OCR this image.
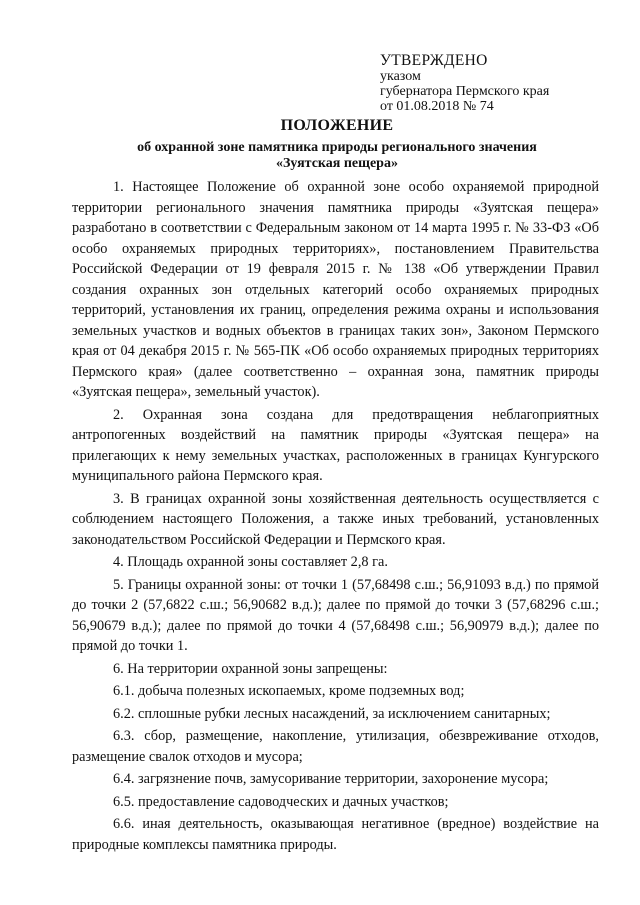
УТВЕРЖДЕНО
указом
губернатора Пермского края
от 01.08.2018 № 74
ПОЛОЖЕНИЕ
об охранной зоне памятника природы регионального значения «Зуятская пещера»

1. Настоящее Положение об охранной зоне особо охраняемой природной территории регионального значения памятника природы «Зуятская пещера» разработано в соответствии с Федеральным законом от 14 марта 1995 г. № 33-ФЗ «Об особо охраняемых природных территориях», постановлением Правительства Российской Федерации от 19 февраля 2015 г. № 138 «Об утверждении Правил создания охранных зон отдельных категорий особо охраняемых природных территорий, установления их границ, определения режима охраны и использования земельных участков и водных объектов в границах таких зон», Законом Пермского края от 04 декабря 2015 г. № 565-ПК «Об особо охраняемых природных территориях Пермского края» (далее соответственно – охранная зона, памятник природы «Зуятская пещера», земельный участок).

2. Охранная зона создана для предотвращения неблагоприятных антропогенных воздействий на памятник природы «Зуятская пещера» на прилегающих к нему земельных участках, расположенных в границах Кунгурского муниципального района Пермского края.

3. В границах охранной зоны хозяйственная деятельность осуществляется с соблюдением настоящего Положения, а также иных требований, установленных законодательством Российской Федерации и Пермского края.

4. Площадь охранной зоны составляет 2,8 га.

5. Границы охранной зоны: от точки 1 (57,68498 с.ш.; 56,91093 в.д.) по прямой до точки 2 (57,6822 с.ш.; 56,90682 в.д.); далее по прямой до точки 3 (57,68296 с.ш.; 56,90679 в.д.); далее по прямой до точки 4 (57,68498 с.ш.; 56,90979 в.д.); далее по прямой до точки 1.

6. На территории охранной зоны запрещены:

6.1. добыча полезных ископаемых, кроме подземных вод;

6.2. сплошные рубки лесных насаждений, за исключением санитарных;

6.3. сбор, размещение, накопление, утилизация, обезвреживание отходов, размещение свалок отходов и мусора;

6.4. загрязнение почв, замусоривание территории, захоронение мусора;

6.5. предоставление садоводческих и дачных участков;

6.6. иная деятельность, оказывающая негативное (вредное) воздействие на природные комплексы памятника природы.
